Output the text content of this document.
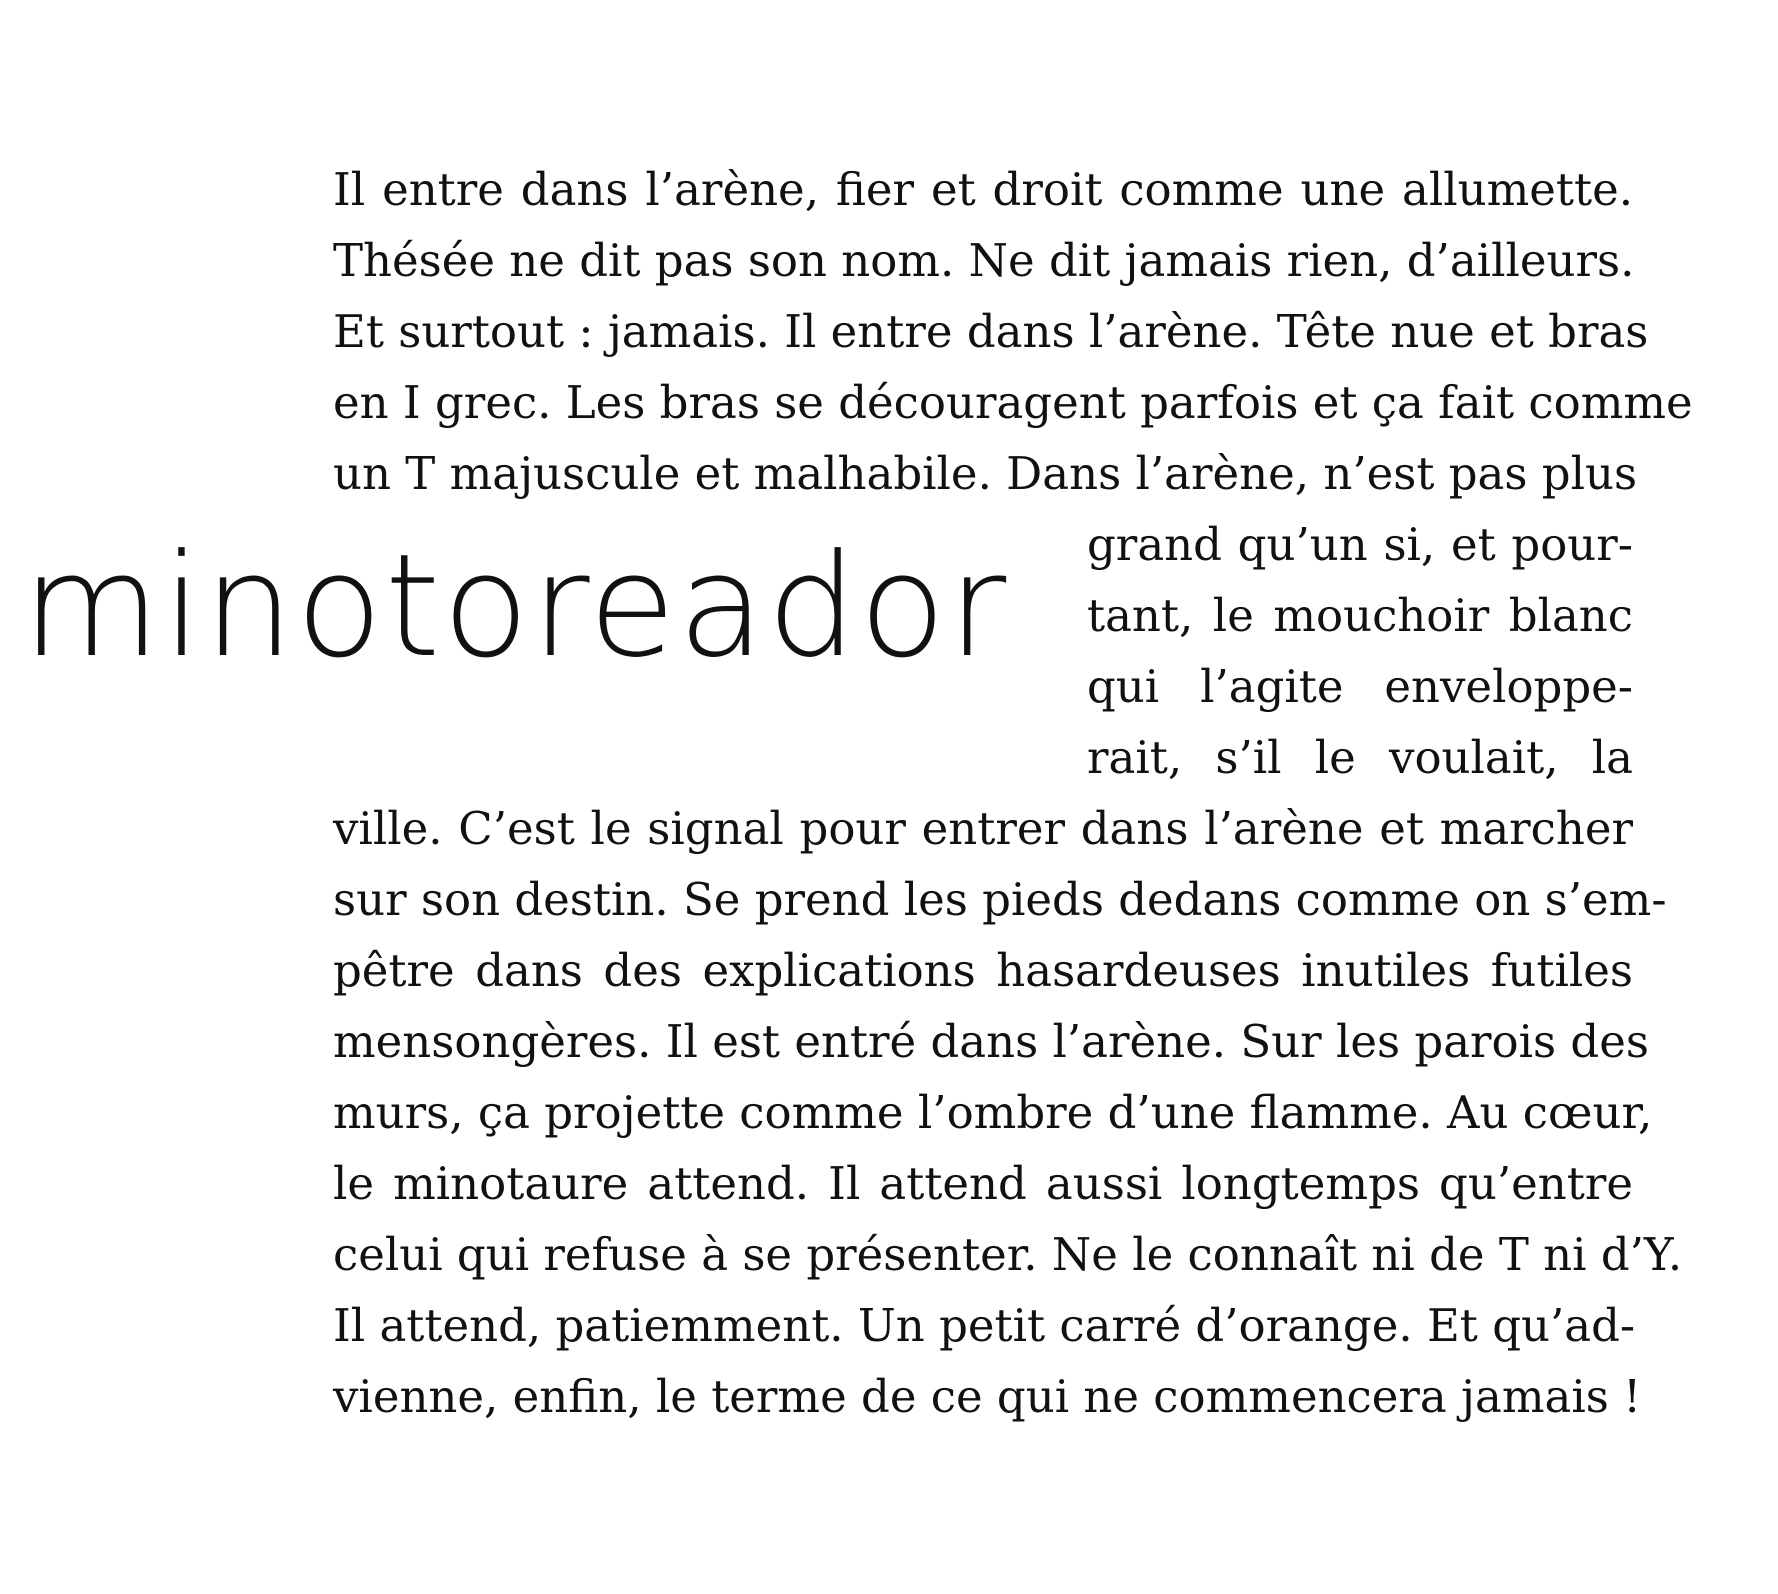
minotoreador
Il entre dans l’arène, fier et droit comme une allumette.
Thésée ne dit pas son nom. Ne dit jamais rien, d’ailleurs.
Et surtout : jamais. Il entre dans l’arène. Tête nue et bras
en I grec. Les bras se découragent parfois et ça fait comme
un T majuscule et malhabile. Dans l’arène, n’est pas plus
grand qu’un si, et pour-
tant, le mouchoir blanc
qui l’agite enveloppe-
rait, s’il le voulait, la
ville. C’est le signal pour entrer dans l’arène et marcher
sur son destin. Se prend les pieds dedans comme on s’em-
pêtre dans des explications hasardeuses inutiles futiles
mensongères. Il est entré dans l’arène. Sur les parois des
murs, ça projette comme l’ombre d’une flamme. Au cœur,
le minotaure attend. Il attend aussi longtemps qu’entre
celui qui refuse à se présenter. Ne le connaît ni de T ni d’Y.
Il attend, patiemment. Un petit carré d’orange. Et qu’ad-
vienne, enfin, le terme de ce qui ne commencera jamais !
